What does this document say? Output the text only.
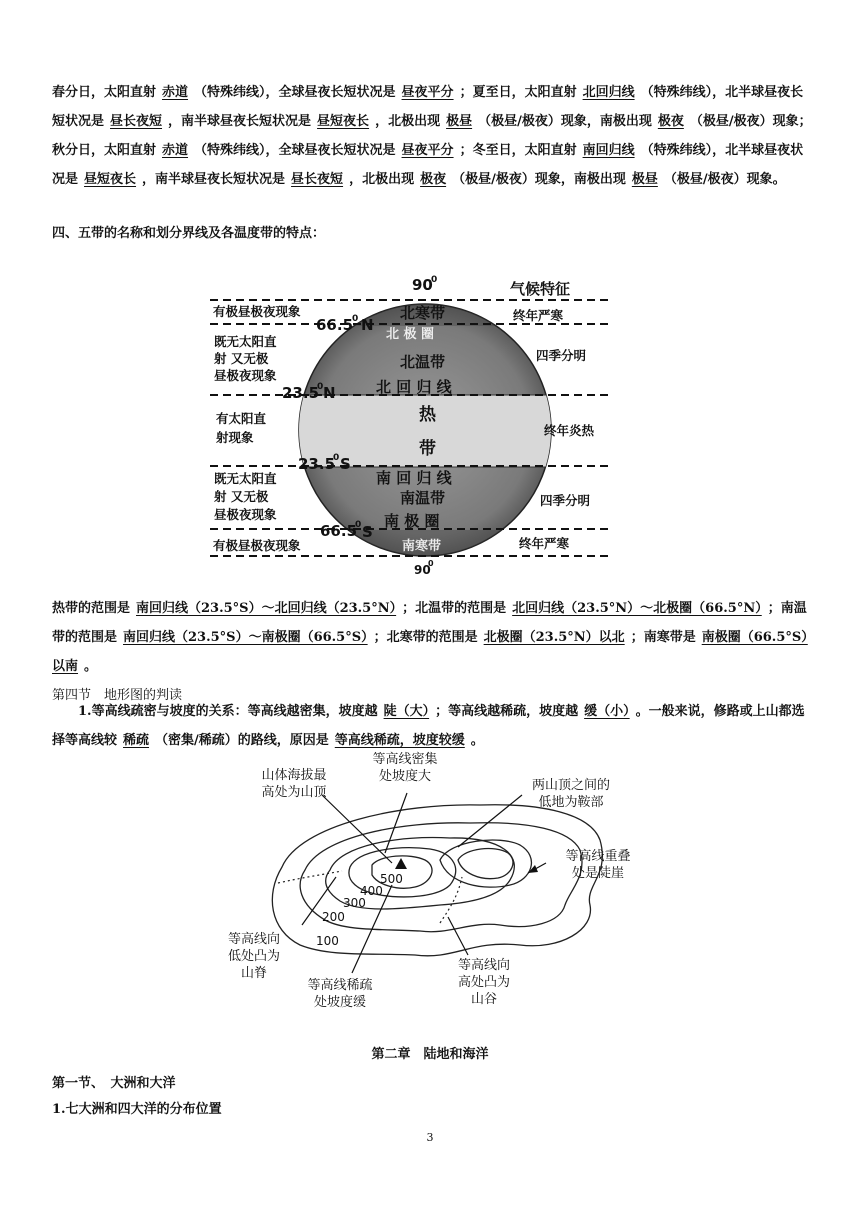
春分日，太阳直射 赤道 （特殊纬线），全球昼夜长短状况是 昼夜平分 ；夏至日，太阳直射 北回归线 （特殊纬线），北半球昼夜长短状况是 昼长夜短 ，南半球昼夜长短状况是 昼短夜长 ，北极出现 极昼 （极昼/极夜）现象，南极出现 极夜 （极昼/极夜）现象；秋分日，太阳直射 赤道 （特殊纬线），全球昼夜长短状况是 昼夜平分 ；冬至日，太阳直射 南回归线 （特殊纬线），北半球昼夜状况是 昼短夜长 ，南半球昼夜长短状况是 昼长夜短 ，北极出现 极夜 （极昼/极夜）现象，南极出现 极昼 （极昼/极夜）现象。
四、五带的名称和划分界线及各温度带的特点：
90
0	气候特征
有极昼极夜现象
既无太阳直
射 又无极
昼极夜现象
有太阳直
射现象
既无太阳直
射 又无极
昼极夜现象
有极昼极夜现象
66.5
0 N
23.5
0 N
23.5
0 S
66.5
0 S
北寒带
北 极 圈
北温带
北 回 归 线
热
带
南 回 归 线
南温带
南 极 圈
南寒带
终年严寒
四季分明
终年炎热
四季分明
终年严寒
90
0
热带的范围是 南回归线（23.5°S）～北回归线（23.5°N） ；北温带的范围是 北回归线（23.5°N）～北极圈（66.5°N） ；南温带的范围是 南回归线（23.5°S）～南极圈（66.5°S） ；北寒带的范围是 北极圈（23.5°N）以北 ；南寒带是 南极圈（66.5°S）以南 。
第四节　地形图的判读
1.等高线疏密与坡度的关系：等高线越密集，坡度越 陡（大） ；等高线越稀疏，坡度越 缓（小） 。一般来说，修路或上山都选择等高线较 稀疏 （密集/稀疏）的路线，原因是 等高线稀疏，坡度较缓 。
山体海拔最
高处为山顶
等高线密集
处坡度大
两山顶之间的
低地为鞍部
等高线重叠
处是陡崖
等高线向
低处凸为
山脊
等高线稀疏
处坡度缓
等高线向
高处凸为
山谷
500
400
300
200
100
第二章　陆地和海洋
第一节、　大洲和大洋
1.七大洲和四大洋的分布位置
3
